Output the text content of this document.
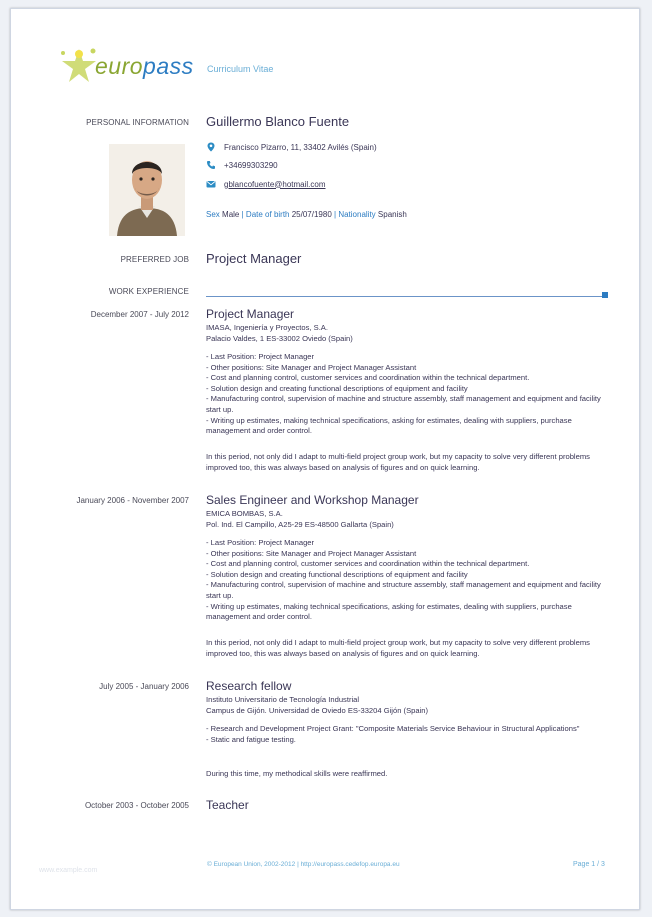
europass Curriculum Vitae
PERSONAL INFORMATION Guillermo Blanco Fuente
Francisco Pizarro, 11, 33402 Avilés (Spain)
+34699303290
gblancofuente@hotmail.com
Sex Male | Date of birth 25/07/1980 | Nationality Spanish
PREFERRED JOB Project Manager
WORK EXPERIENCE
December 2007 - July 2012 Project Manager
IMASA, Ingeniería y Proyectos, S.A.
Palacio Valdes, 1 ES-33002 Oviedo (Spain)
- Last Position: Project Manager
- Other positions: Site Manager and Project Manager Assistant
- Cost and planning control, customer services and coordination within the technical department.
- Solution design and creating functional descriptions of equipment and facility
- Manufacturing control, supervision of machine and structure assembly, staff management and equipment and facility start up.
- Writing up estimates, making technical specifications, asking for estimates, dealing with suppliers, purchase management and order control.
In this period, not only did I adapt to multi-field project group work, but my capacity to solve very different problems improved too, this was always based on analysis of figures and on quick learning.
January 2006 - November 2007 Sales Engineer and Workshop Manager
EMICA BOMBAS, S.A.
Pol. Ind. El Campillo, A25-29 ES-48500 Gallarta (Spain)
- Last Position: Project Manager
- Other positions: Site Manager and Project Manager Assistant
- Cost and planning control, customer services and coordination within the technical department.
- Solution design and creating functional descriptions of equipment and facility
- Manufacturing control, supervision of machine and structure assembly, staff management and equipment and facility start up.
- Writing up estimates, making technical specifications, asking for estimates, dealing with suppliers, purchase management and order control.
In this period, not only did I adapt to multi-field project group work, but my capacity to solve very different problems improved too, this was always based on analysis of figures and on quick learning.
July 2005 - January 2006 Research fellow
Instituto Universitario de Tecnología Industrial
Campus de Gijón. Universidad de Oviedo ES-33204 Gijón (Spain)
- Research and Development Project Grant: "Composite Materials Service Behaviour in Structural Applications"
- Static and fatigue testing.
During this time, my methodical skills were reaffirmed.
October 2003 - October 2005 Teacher
www.example.com
© European Union, 2002-2012 | http://europass.cedefop.europa.eu	Page 1 / 3
